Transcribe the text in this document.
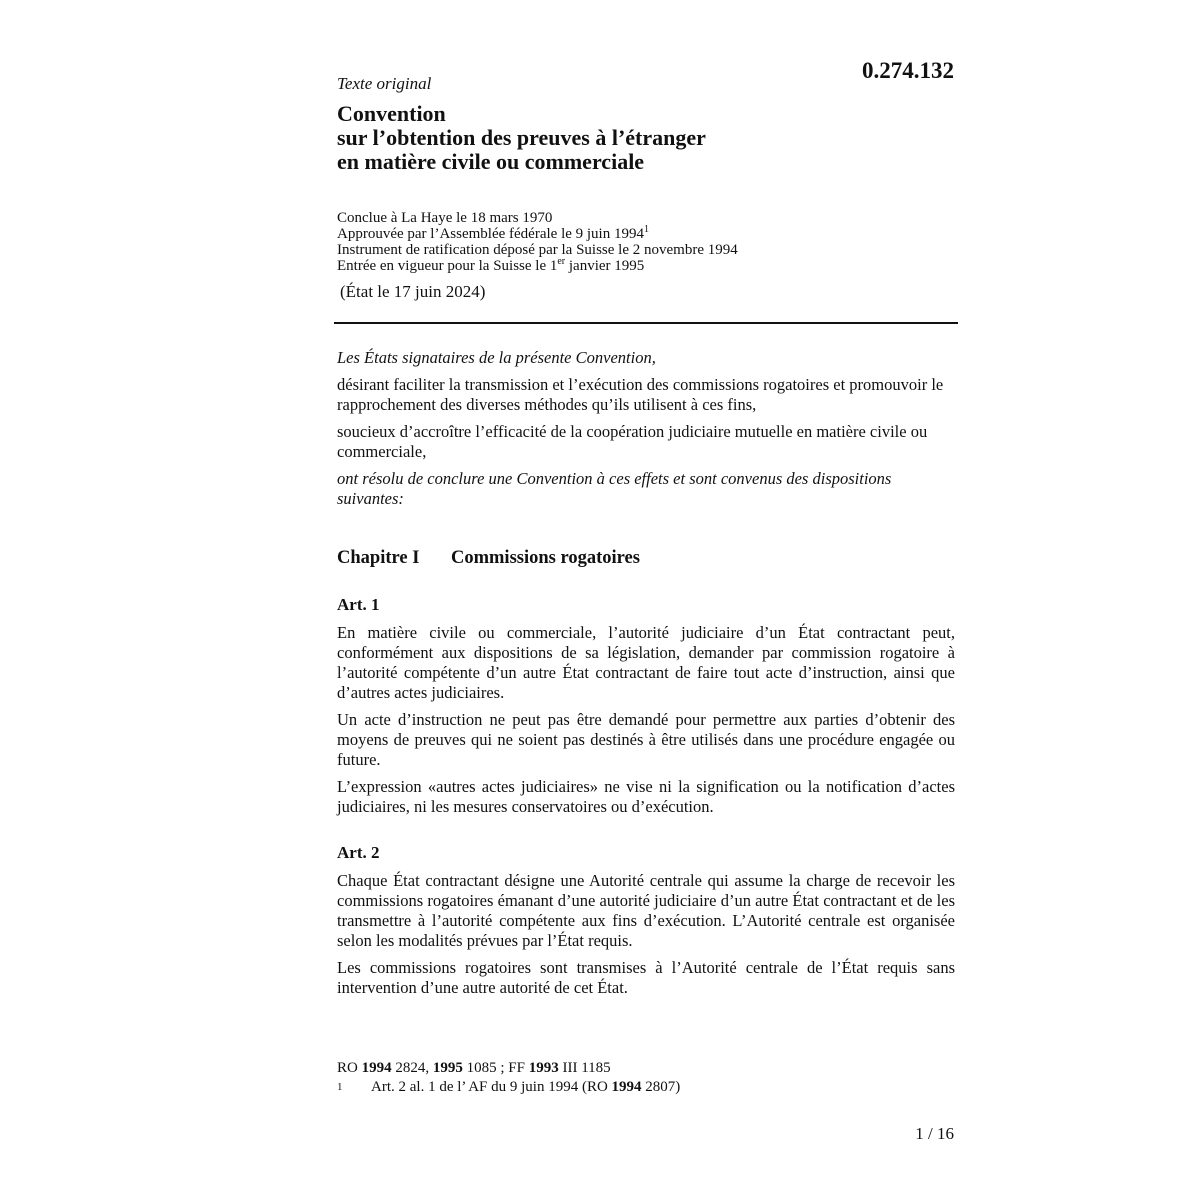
0.274.132
Texte original
Convention
sur l’obtention des preuves à l’étranger
en matière civile ou commerciale
Conclue à La Haye le 18 mars 1970
Approuvée par l’Assemblée fédérale le 9 juin 1994$^1$
Instrument de ratification déposé par la Suisse le 2 novembre 1994
Entrée en vigueur pour la Suisse le 1er janvier 1995
(État le 17 juin 2024)

Les États signataires de la présente Convention,

désirant faciliter la transmission et l’exécution des commissions rogatoires et promouvoir le rapprochement des diverses méthodes qu’ils utilisent à ces fins,

soucieux d’accroître l’efficacité de la coopération judiciaire mutuelle en matière civile ou commerciale,

ont résolu de conclure une Convention à ces effets et sont convenus des dispositions suivantes:

Chapitre I Commissions rogatoires
Art. 1

En matière civile ou commerciale, l’autorité judiciaire d’un État contractant peut, conformément aux dispositions de sa législation, demander par commission rogatoire à l’autorité compétente d’un autre État contractant de faire tout acte d’instruction, ainsi que d’autres actes judiciaires.

Un acte d’instruction ne peut pas être demandé pour permettre aux parties d’obtenir des moyens de preuves qui ne soient pas destinés à être utilisés dans une procédure engagée ou future.

L’expression «autres actes judiciaires» ne vise ni la signification ou la notification d’actes judiciaires, ni les mesures conservatoires ou d’exécution.

Art. 2

Chaque État contractant désigne une Autorité centrale qui assume la charge de recevoir les commissions rogatoires émanant d’une autorité judiciaire d’un autre État contractant et de les transmettre à l’autorité compétente aux fins d’exécution. L’Autorité centrale est organisée selon les modalités prévues par l’État requis.

Les commissions rogatoires sont transmises à l’Autorité centrale de l’État requis sans intervention d’une autre autorité de cet État.

RO 1994 2824, 1995 1085 ; FF 1993 III 1185
1	Art. 2 al. 1 de l’ AF du 9 juin 1994 (RO 1994 2807)
1 / 16
